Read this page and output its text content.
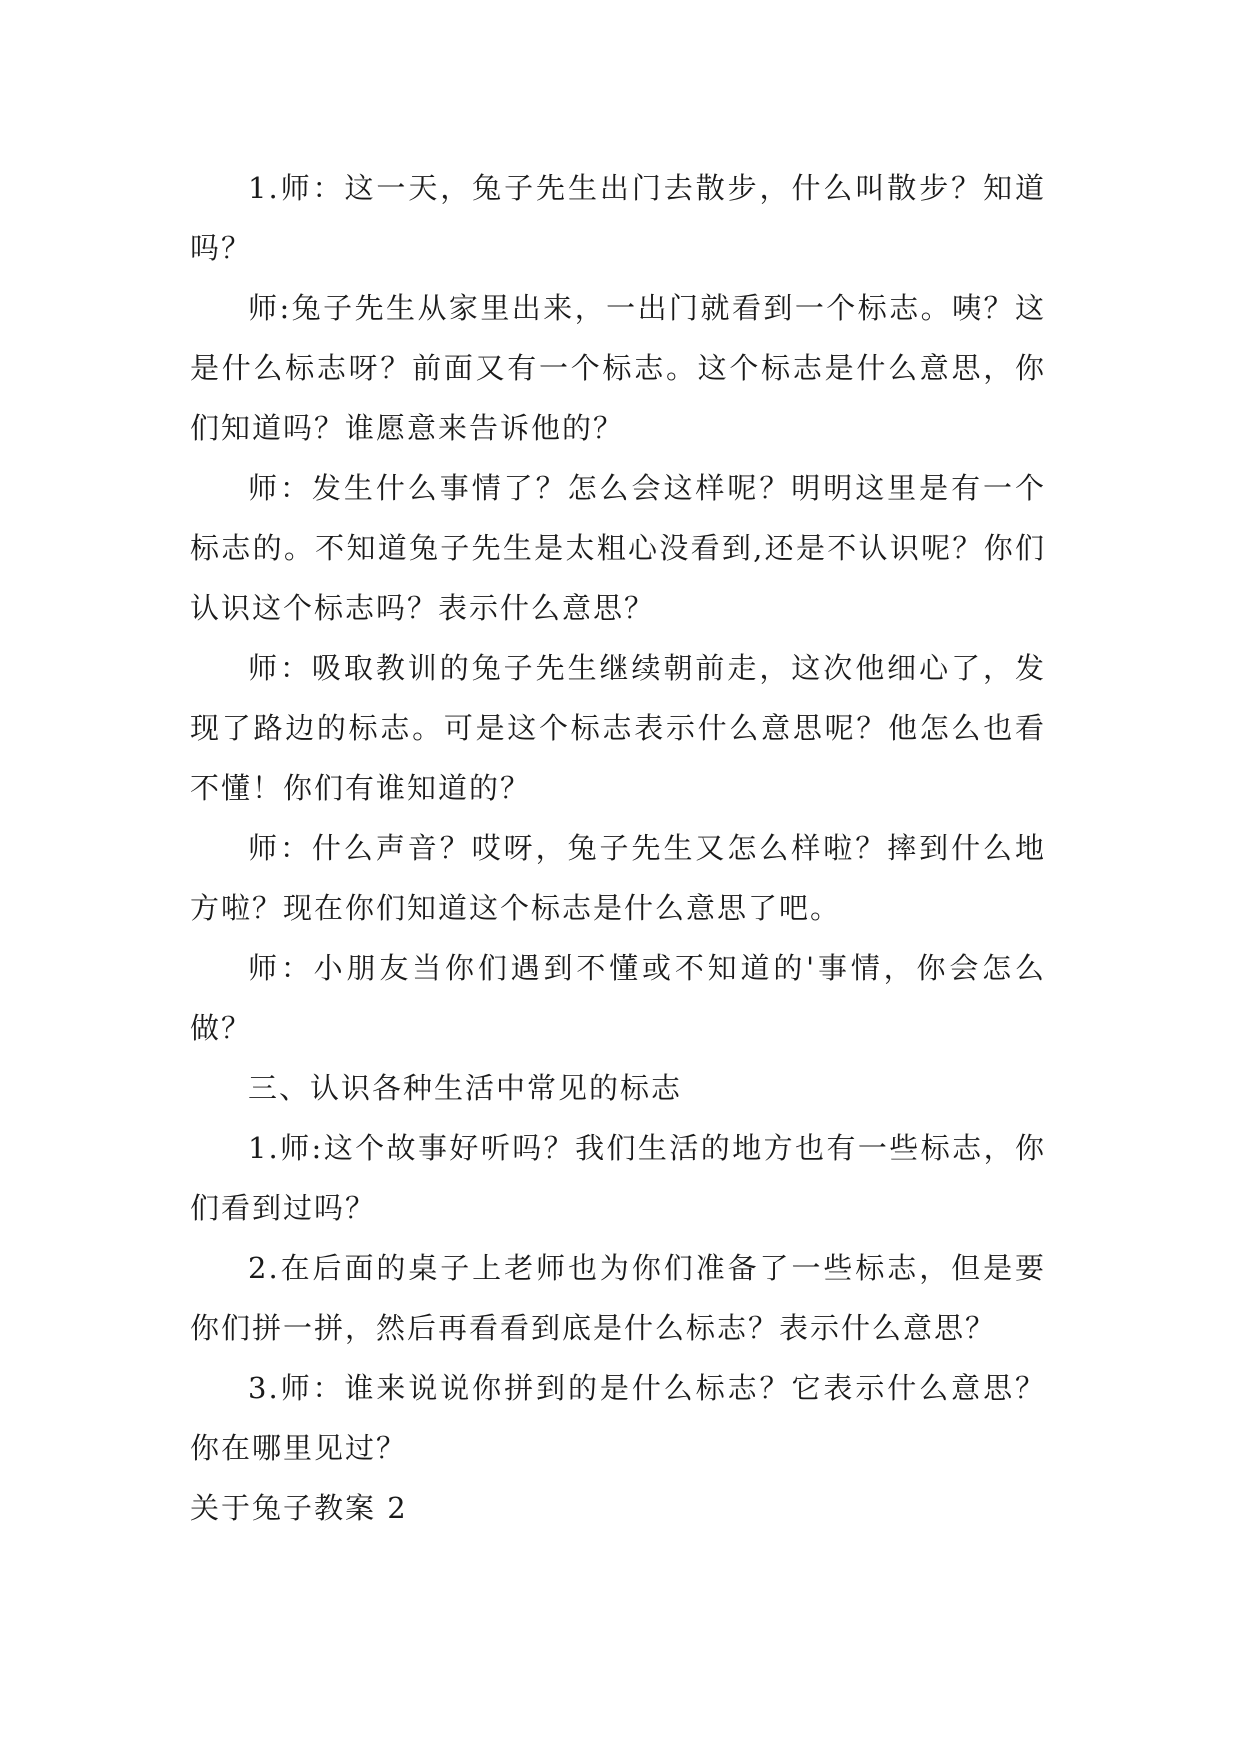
1.师：这一天，兔子先生出门去散步，什么叫散步？知道吗？

师:兔子先生从家里出来，一出门就看到一个标志。咦？这是什么标志呀？前面又有一个标志。这个标志是什么意思，你们知道吗？谁愿意来告诉他的？

师：发生什么事情了？怎么会这样呢？明明这里是有一个标志的。不知道兔子先生是太粗心没看到,还是不认识呢？你们认识这个标志吗？表示什么意思？

师：吸取教训的兔子先生继续朝前走，这次他细心了，发现了路边的标志。可是这个标志表示什么意思呢？他怎么也看不懂！你们有谁知道的？

师：什么声音？哎呀，兔子先生又怎么样啦？摔到什么地方啦？现在你们知道这个标志是什么意思了吧。

师：小朋友当你们遇到不懂或不知道的'事情，你会怎么做？

三、认识各种生活中常见的标志

1.师:这个故事好听吗？我们生活的地方也有一些标志，你们看到过吗？

2.在后面的桌子上老师也为你们准备了一些标志，但是要你们拼一拼，然后再看看到底是什么标志？表示什么意思？

3.师：谁来说说你拼到的是什么标志？它表示什么意思？你在哪里见过？

关于兔子教案 2
